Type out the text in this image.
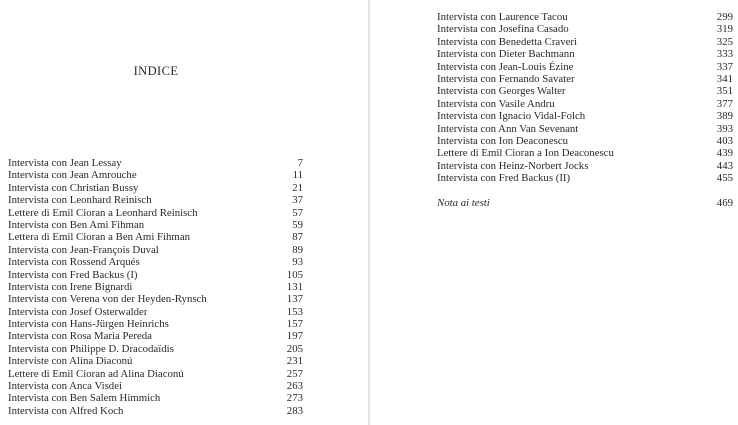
INDICE
Intervista con Jean Lessay	7
Intervista con Jean Amrouche	11
Intervista con Christian Bussy	21
Intervista con Leonhard Reinisch	37
Lettere di Emil Cioran a Leonhard Reinisch	57
Intervista con Ben Ami Fihman	59
Lettera di Emil Cioran a Ben Ami Fihman	87
Intervista con Jean-François Duval	89
Intervista con Rossend Arqués	93
Intervista con Fred Backus (I)	105
Intervista con Irene Bignardi	131
Intervista con Verena von der Heyden-Rynsch	137
Intervista con Josef Osterwalder	153
Intervista con Hans-Jürgen Heinrichs	157
Intervista con Rosa Maria Pereda	197
Intervista con Philippe D. Dracodaïdis	205
Interviste con Alina Diaconú	231
Lettere di Emil Cioran ad Alina Diaconú	257
Intervista con Anca Visdei	263
Intervista con Ben Salem Himmich	273
Intervista con Alfred Koch	283
Intervista con Laurence Tacou	299
Intervista con Josefina Casado	319
Intervista con Benedetta Craveri	325
Intervista con Dieter Bachmann	333
Intervista con Jean-Louis Ézine	337
Intervista con Fernando Savater	341
Intervista con Georges Walter	351
Intervista con Vasile Andru	377
Intervista con Ignacio Vidal-Folch	389
Intervista con Ann Van Sevenant	393
Intervista con Ion Deaconescu	403
Lettere di Emil Cioran a Ion Deaconescu	439
Intervista con Heinz-Norbert Jocks	443
Intervista con Fred Backus (II)	455
Nota ai testi	469
